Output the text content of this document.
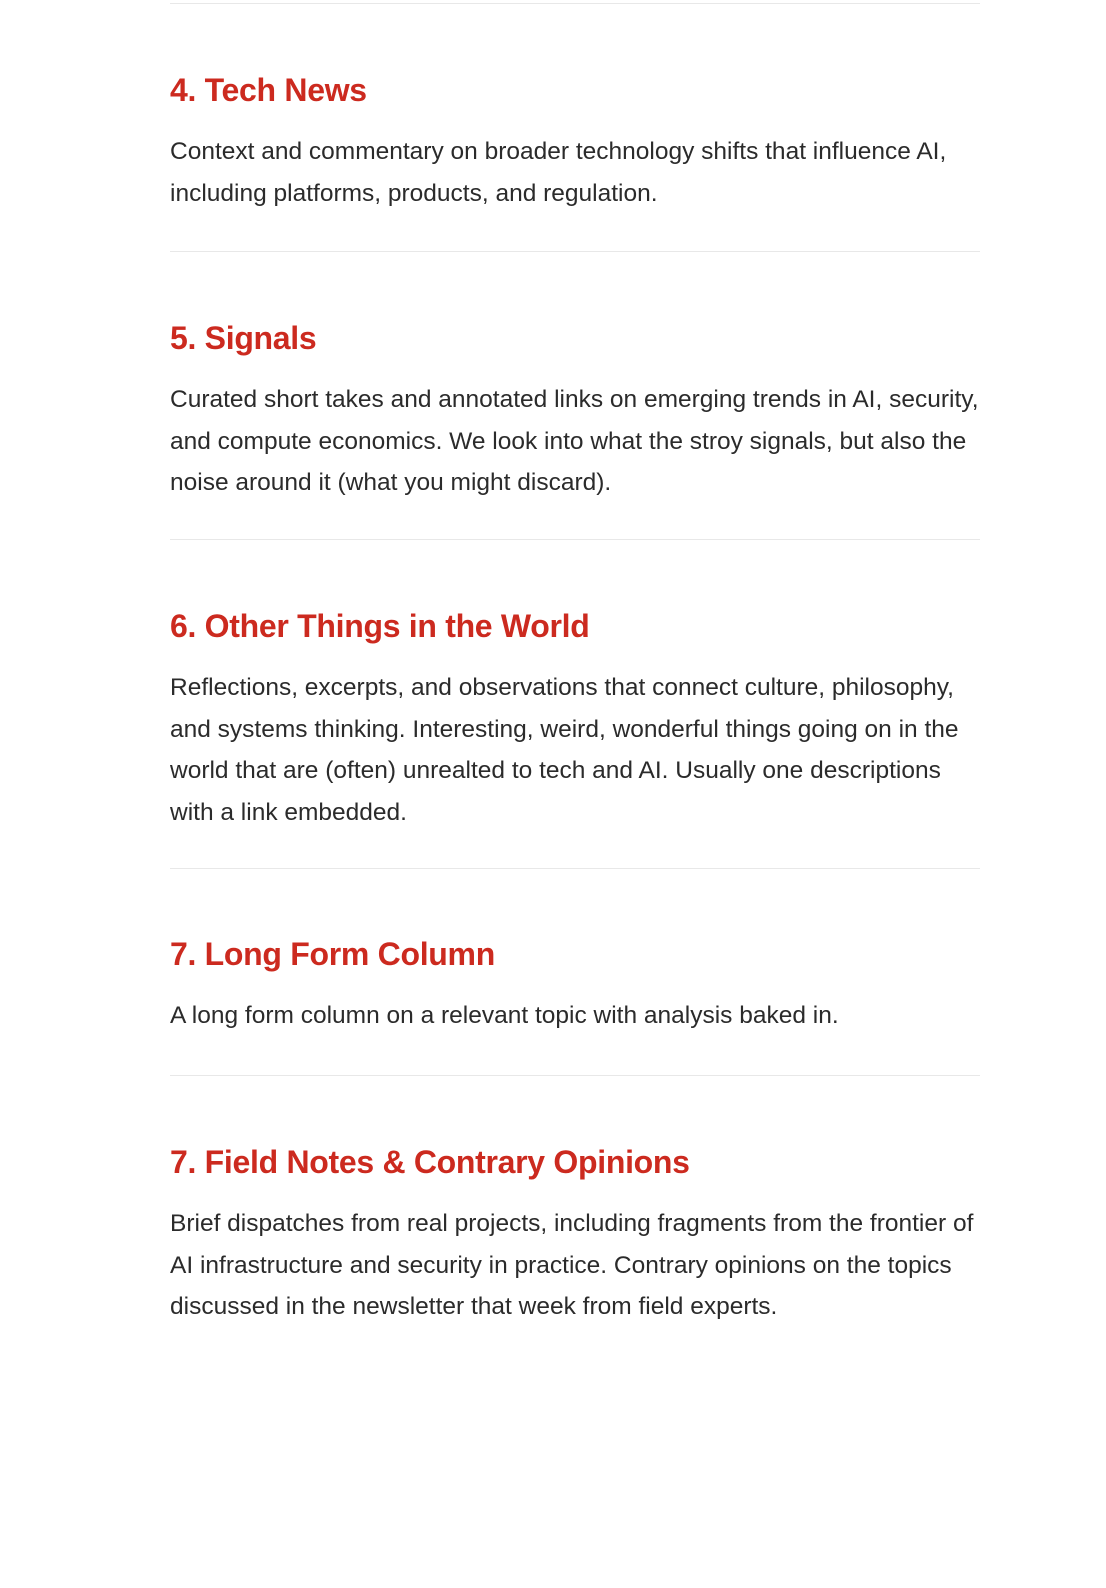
4. Tech News

Context and commentary on broader technology shifts that influence AI, including platforms, products, and regulation.

5. Signals

Curated short takes and annotated links on emerging trends in AI, security, and compute economics. We look into what the stroy signals, but also the noise around it (what you might discard).

6. Other Things in the World

Reflections, excerpts, and observations that connect culture, philosophy, and systems thinking. Interesting, weird, wonderful things going on in the world that are (often) unrealted to tech and AI. Usually one descriptions with a link embedded.

7. Long Form Column

A long form column on a relevant topic with analysis baked in.

7. Field Notes & Contrary Opinions

Brief dispatches from real projects, including fragments from the frontier of AI infrastructure and security in practice. Contrary opinions on the topics discussed in the newsletter that week from field experts.
